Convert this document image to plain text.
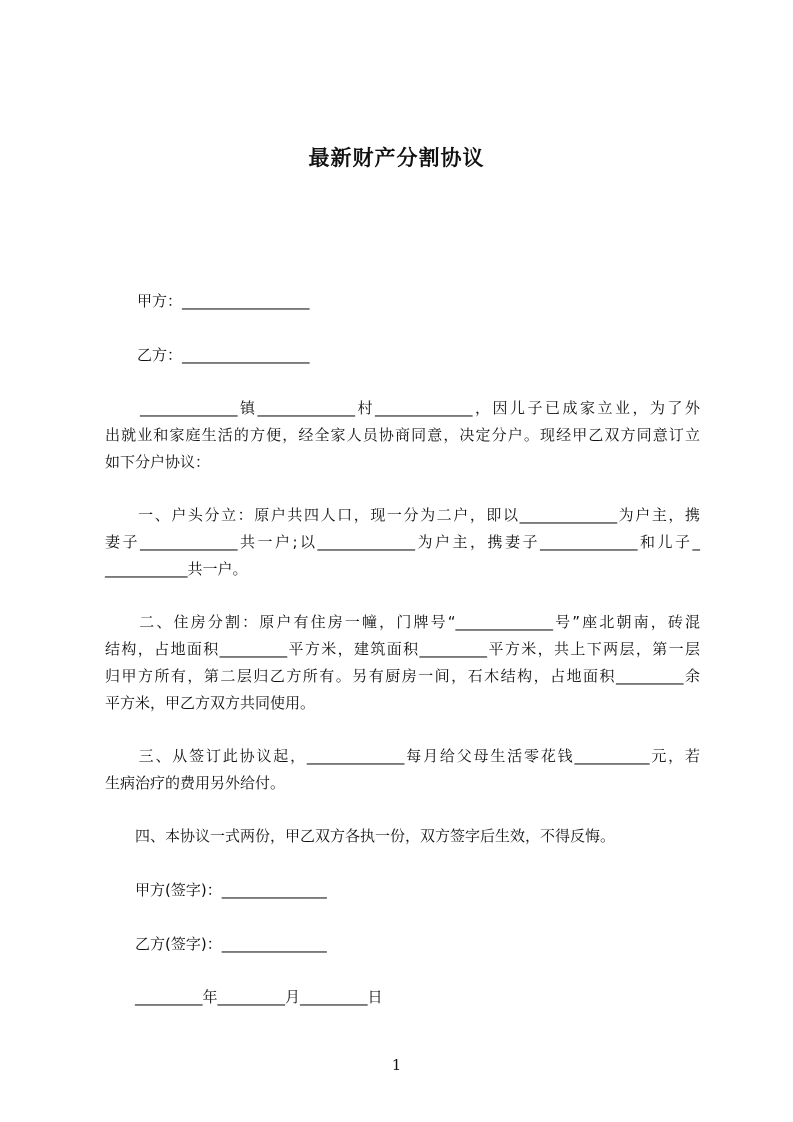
最新财产分割协议
甲方：_________________
乙方：_________________
　　_____________镇_____________村_____________，因儿子已成家立业，为了外
出就业和家庭生活的方便，经全家人员协商同意，决定分户。现经甲乙双方同意订立
如下分户协议：
　　一、户头分立：原户共四人口，现一分为二户，即以_____________为户主，携
妻子_____________共一户;以_____________为户主，携妻子_____________和儿子_
___________共一户。
　　二、住房分割：原户有住房一幢，门牌号“_____________号”座北朝南，砖混
结构，占地面积_________平方米，建筑面积_________平方米，共上下两层，第一层
归甲方所有，第二层归乙方所有。另有厨房一间，石木结构，占地面积_________余
平方米，甲乙方双方共同使用。
　　三、从签订此协议起，_____________每月给父母生活零花钱__________元，若
生病治疗的费用另外给付。
　　四、本协议一式两份，甲乙双方各执一份，双方签字后生效，不得反悔。
　　甲方(签字)：______________
　　乙方(签字)：______________
　　_________年_________月_________日
1
